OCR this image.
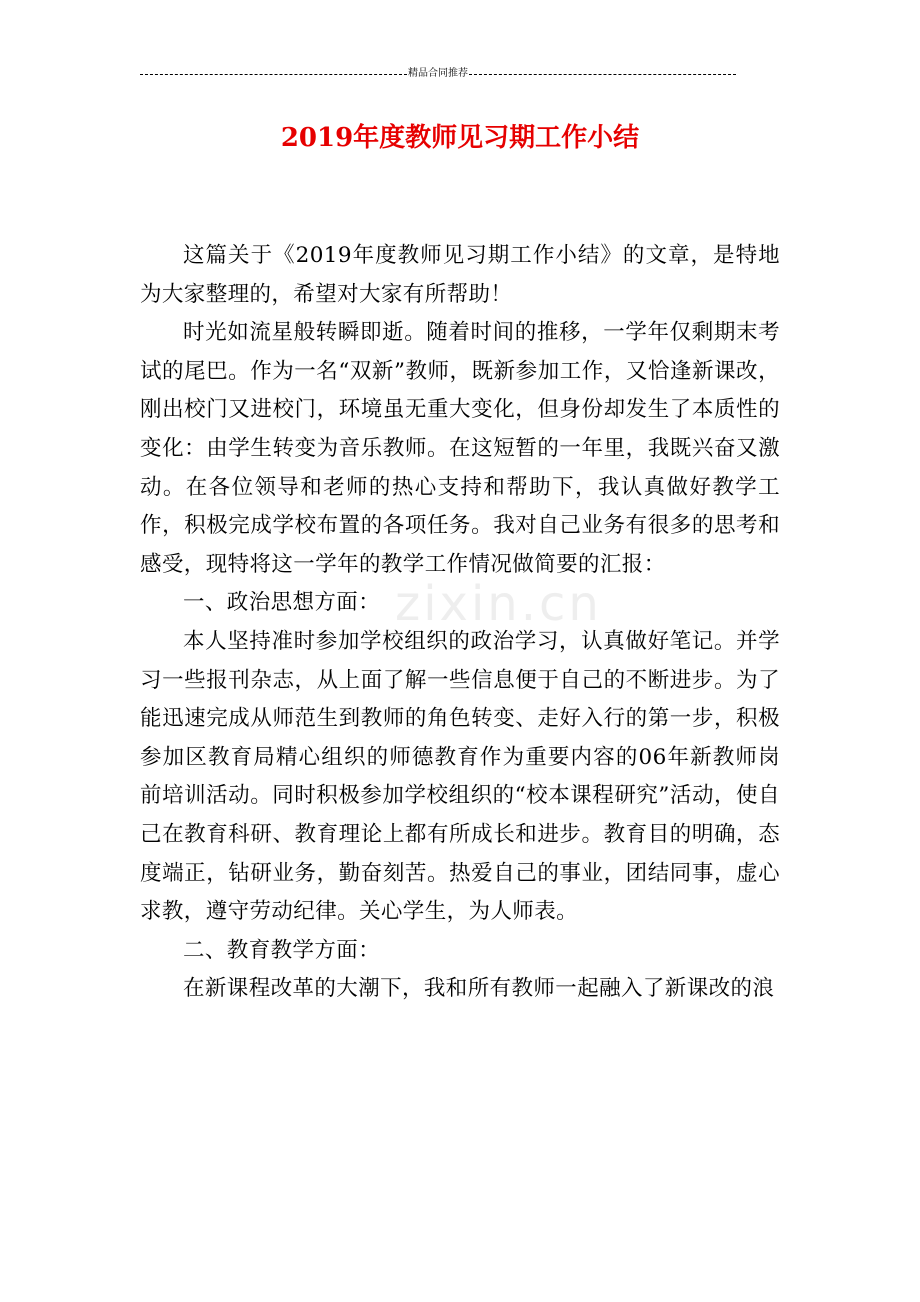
精品合同推荐
2019年度教师见习期工作小结
zixin.cn

这篇关于《2019年度教师见习期工作小结》的文章，是特地为大家整理的，希望对大家有所帮助！

时光如流星般转瞬即逝。随着时间的推移，一学年仅剩期末考试的尾巴。作为一名“双新”教师，既新参加工作，又恰逢新课改，刚出校门又进校门，环境虽无重大变化，但身份却发生了本质性的变化：由学生转变为音乐教师。在这短暂的一年里，我既兴奋又激动。在各位领导和老师的热心支持和帮助下，我认真做好教学工作，积极完成学校布置的各项任务。我对自己业务有很多的思考和感受，现特将这一学年的教学工作情况做简要的汇报：

一、政治思想方面：

本人坚持准时参加学校组织的政治学习，认真做好笔记。并学习一些报刊杂志，从上面了解一些信息便于自己的不断进步。为了能迅速完成从师范生到教师的角色转变、走好入行的第一步，积极参加区教育局精心组织的师德教育作为重要内容的06年新教师岗前培训活动。同时积极参加学校组织的“校本课程研究”活动，使自己在教育科研、教育理论上都有所成长和进步。教育目的明确，态度端正，钻研业务，勤奋刻苦。热爱自己的事业，团结同事，虚心求教，遵守劳动纪律。关心学生，为人师表。

二、教育教学方面：

在新课程改革的大潮下，我和所有教师一起融入了新课改的浪
